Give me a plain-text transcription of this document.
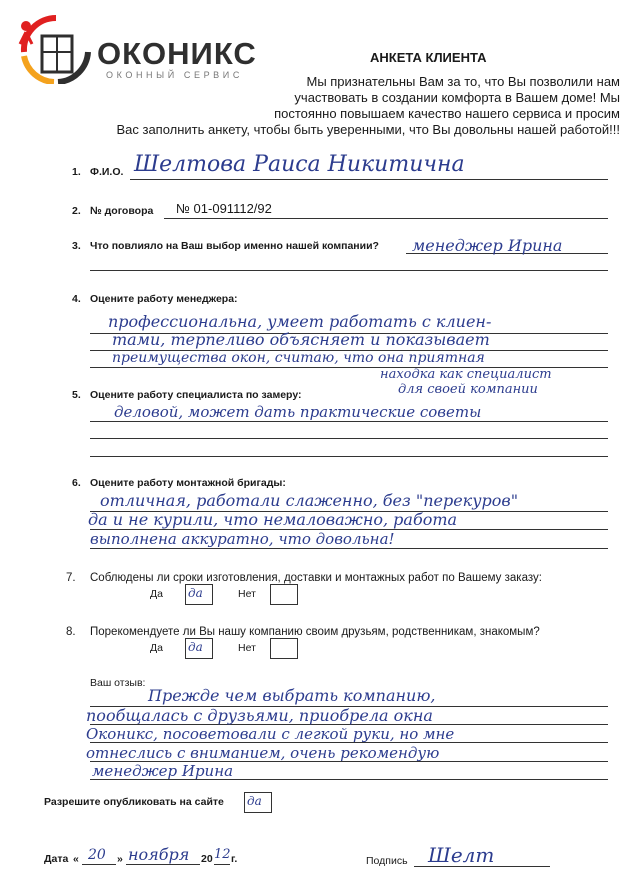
ОКОНИКС
ОКОННЫЙ СЕРВИС
АНКЕТА КЛИЕНТА
Мы признательны Вам за то, что Вы позволили нам
участвовать в создании комфорта в Вашем доме! Мы
постоянно повышаем качество нашего сервиса и просим
Вас заполнить анкету, чтобы быть уверенными, что Вы довольны нашей работой!!!
1. Ф.И.О. Шелтова Раиса Никитична
2. № договора № 01-091112/92
3. Что повлияло на Ваш выбор именно нашей компании? менеджер Ирина
4. Оцените работу менеджера:
профессиональна, умеет работать с клиен-
тами, терпеливо объясняет и показывает
преимущества окон, считаю, что она приятная
5. Оцените работу специалиста по замеру:
находка как специалист
для своей компании
деловой, может дать практические советы
6. Оцените работу монтажной бригады:
отличная, работали слаженно, без "перекуров"
да и не курили, что немаловажно, работа
выполнена аккуратно, что довольна!
7. Соблюдены ли сроки изготовления, доставки и монтажных работ по Вашему заказу:
Да да	Нет
8. Порекомендуете ли Вы нашу компанию своим друзьям, родственникам, знакомым?
Да да	Нет
Ваш отзыв:
Прежде чем выбрать компанию,
пообщалась с друзьями, приобрела окна
Оконикс, посоветовали с легкой руки, но мне
отнеслись с вниманием, очень рекомендую
менеджер Ирина
Разрешите опубликовать на сайте да
Дата « 20 » ноября 20 12 г.	Подпись Шелт
